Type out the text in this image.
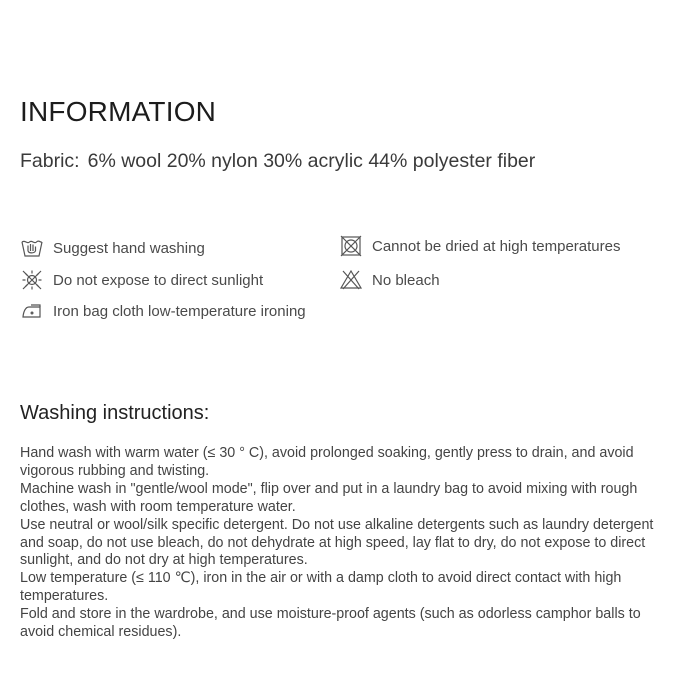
INFORMATION
Fabric: 6% wool 20% nylon 30% acrylic 44% polyester fiber
Suggest hand washing
Do not expose to direct sunlight
Iron bag cloth low-temperature ironing
Cannot be dried at high temperatures
No bleach
Washing instructions:

Hand wash with warm water (≤ 30 ° C), avoid prolonged soaking, gently press to drain, and avoid vigorous rubbing and twisting.

Machine wash in "gentle/wool mode", flip over and put in a laundry bag to avoid mixing with rough clothes, wash with room temperature water.

Use neutral or wool/silk specific detergent. Do not use alkaline detergents such as laundry detergent and soap, do not use bleach, do not dehydrate at high speed, lay flat to dry, do not expose to direct sunlight, and do not dry at high temperatures.

Low temperature (≤ 110 ℃), iron in the air or with a damp cloth to avoid direct contact with high temperatures.

Fold and store in the wardrobe, and use moisture-proof agents (such as odorless camphor balls to avoid chemical residues).
